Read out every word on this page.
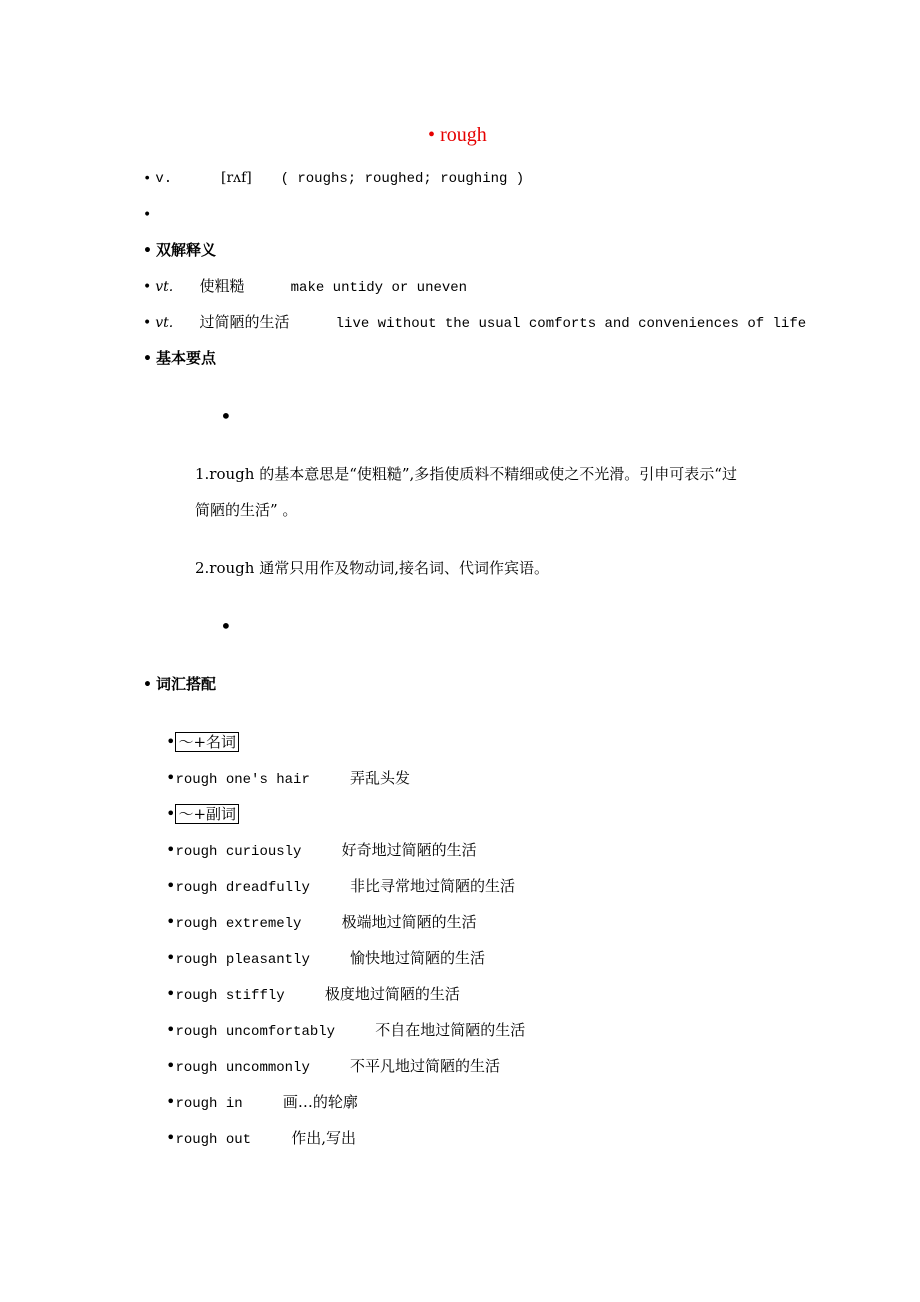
• rough
• v.	[rʌf] ( roughs; roughed; roughing )
•
• 双解释义
• vt. 使粗糙	make untidy or uneven
• vt. 过简陋的生活	live without the usual comforts and conveniences of life
• 基本要点
•
1.rough 的基本意思是“使粗糙”,多指使质料不精细或使之不光滑。引申可表示“过
简陋的生活” 。
2.rough 通常只用作及物动词,接名词、代词作宾语。
•
• 词汇搭配
• ～+名词
•rough one's hair	弄乱头发
• ～+副词
•rough curiously	好奇地过简陋的生活
•rough dreadfully	非比寻常地过简陋的生活
•rough extremely	极端地过简陋的生活
•rough pleasantly	愉快地过简陋的生活
•rough stiffly	极度地过简陋的生活
•rough uncomfortably	不自在地过简陋的生活
•rough uncommonly	不平凡地过简陋的生活
•rough in	画…的轮廓
•rough out	作出,写出
